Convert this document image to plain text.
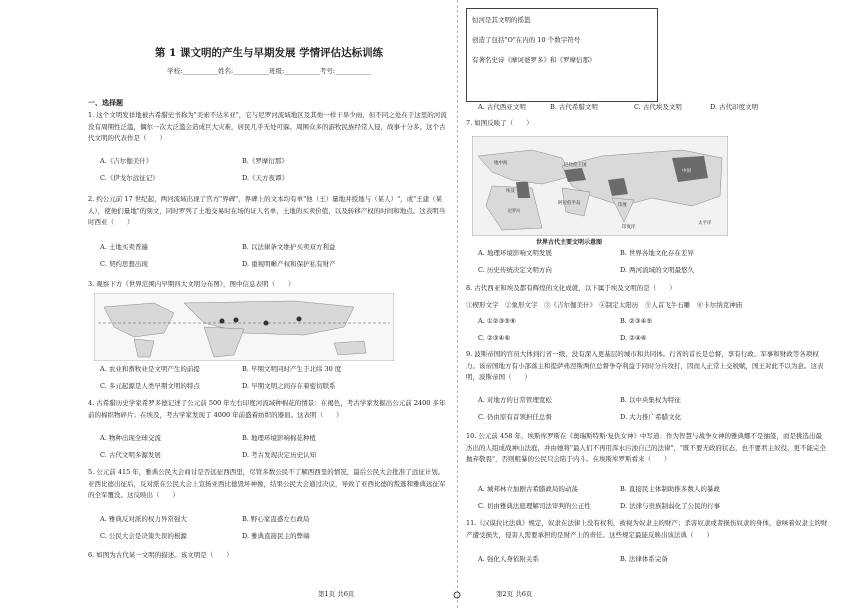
第 1 课文明的产生与早期发展 学情评估达标训练
学校:___________姓名:___________班级:___________考号:___________
一、选择题
1. 这个文明发祥地被古希腊史书称为"美索不达米亚"，它与尼罗河流域地区及其他一样干旱少雨，但不同之处在于这里的河流没有周期性泛滥，偶尔一次大泛滥会造成巨大灾难，居民几乎无处可躲。周围众多的游牧民族经常入侵，战事十分多。这个古代文明的代表作是（　　）
A.《吉尔伽美什》	B.《罗摩衍那》
C.《伊戈尔远征记》	D.《天方夜谭》
2. 约公元前 17 世纪起，两河流域出现了官方"界碑"，界碑上的文本均有单"他（王）量地并授地与（某人）"，或"王建（某人），使他们量地"的刻文，同时罗列了土地交易时在场的证人名单，土地的买卖价值，以及转移产权的时间和地点。这表明当时西亚（　　）
A. 土地买卖普遍	B. 以法律条文维护买卖双方利益
C. 契约思想出现	D. 重视明晰产权和保护私有财产
3. 观察下方《世界范围内早期四大文明分布图》，图中信息表明（　　）
A. 农业和畜牧业是文明产生的前提	B. 早期文明同时产生于北纬 30 度
C. 多元起源是人类早期文明的特点	D. 早期文明之间存在着密切联系
4. 古希腊历史学家希罗多德记述了公元前 500 年左右印度河流域种棉花的情景：在褐色，考古学家发掘出公元前 2400 多年前的棉织物碎片；在埃及，考古学家发现了 4000 年前盛着纺织的器皿。这表明（　　）
A. 物种出现全球交流	B. 地理环境影响棉花种植
C. 古代文明多源发展	D. 考古发现决定历史认知
5. 公元前 415 年，雅典公民大会商讨是否远征西西里，尽管多数公民不了解西西里的情况，最后公民大会批准了远征计划。亚西比德出征后，反对派在公民大会上宣扬亚西比德毁坏神像，结果公民大会通过决议，导致了亚西比德的叛逃和雅典远征军的全军覆没。这反映出（　　）
A. 雅典反对派的权力异常强大	B. 野心家蛊惑左右政局
C. 公民大会是决策失误的根源	D. 雅典直接民主的弊端
6. 如图为古代某一文明的描述。该文明是（　　）
第1页 共6页
恒河是其文明的摇篮
创造了包括"O"在内的 10 个数字符号
有著名史诗《摩诃婆罗多》和《罗摩衍那》
A. 古代西亚文明	B. 古代希腊文明	C. 古代埃及文明	D. 古代印度文明
7. 如图反映了（　　）
地中海	巴比伦王国
埃及
阿拉伯半岛	印度
中国
尼罗河
印度洋
太平洋
世界古代主要文明示意图
A. 地理环境影响文明发展	B. 世界各地文化存在差异
C. 历史传统决定文明方向	D. 两河流域的文明最悠久
8. 古代西亚和埃及都有辉煌的文化成就，以下属于埃及文明的是（　　）
①楔形文字　②象形文字　③《吉尔伽美什》　④制定太阳历　⑤人首飞牛石雕　⑥卡尔纳克神庙
A. ①②③⑤⑥	B. ②③④⑤
C. ②③④⑥	D. ②④⑥
9. 波斯帝国的官员大体到行省一级，没有深入更基层的城市和共同体。行省的首长是总督，享有行政、军事和财政等各项权力。该帝国地方有小部落主和提萨弗涅斯两位总督争夺利益于同时分兵攻打，因而人正常上交税赋，国王对此不以为意。这表明，波斯帝国（　　）
A. 对地方的日常管理宽松	B. 以中央集权为特征
C. 仍由原有首领担任总督	D. 大力推广希腊文化
10. 公元前 458 年，埃斯库罗斯在《奥瑞斯特斯·复仇女神》中写道：作为智慧与战争女神的雅典娜不是抽签，而是挑选出最杰出的人组成战神山法庭，并由她将"最人们不再用浑水污浊自己的法律"，"既不要无政府状态，也不要君主奴役，更不能完全抛弃敬畏"，否则粗暴的公民只会陷于内斗。在埃斯库罗斯看来（　　）
A. 城邦林立加剧古希腊政局的动荡	B. 直接民主体制助推多数人的暴政
C. 切由雅典法庭理解司法审判的公正性	D. 法律与贵族制弱化了公民的行事
11.《汉谟拉比法典》规定，奴隶在法律上没有权利，被视为奴隶主的财产；杀害奴隶或者损伤奴隶的身体，意味着奴隶主的财产遭受损失，侵害人需要承担的是财产上的责任。这些规定最能反映出该法典（　　）
A. 强化人身依附关系	B. 法律体系完备
第2页 共6页
